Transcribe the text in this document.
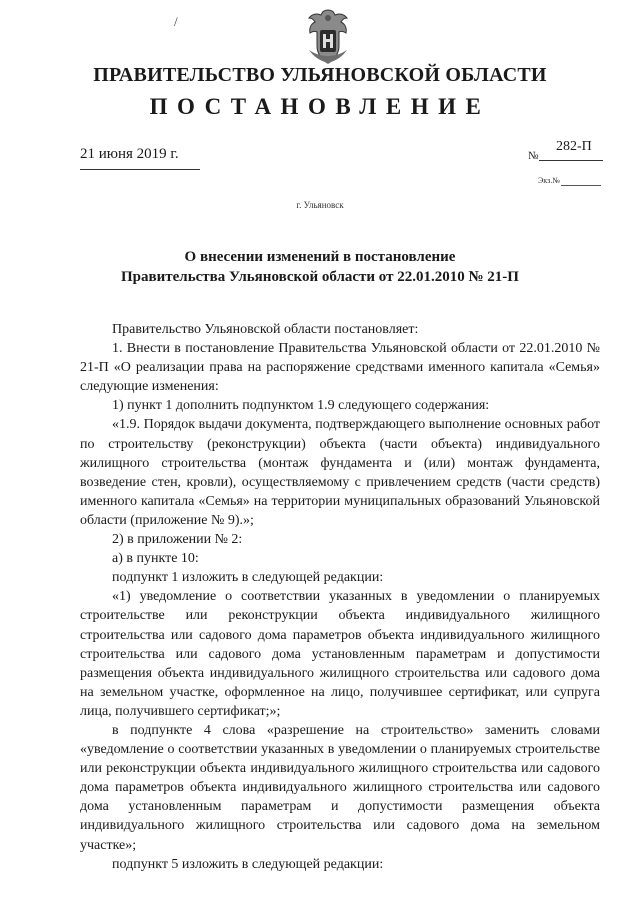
/
ПРАВИТЕЛЬСТВО УЛЬЯНОВСКОЙ ОБЛАСТИ
ПОСТАНОВЛЕНИЕ
21 июня 2019 г.	№
282-П
Экз.№
г. Ульяновск
О внесении изменений в постановление
Правительства Ульяновской области от 22.01.2010 № 21-П

Правительство Ульяновской области постановляет:

1. Внести в постановление Правительства Ульяновской области от 22.01.2010 № 21-П «О реализации права на распоряжение средствами именного капитала «Семья» следующие изменения:

1) пункт 1 дополнить подпунктом 1.9 следующего содержания:

«1.9. Порядок выдачи документа, подтверждающего выполнение основных работ по строительству (реконструкции) объекта (части объекта) индивидуального жилищного строительства (монтаж фундамента и (или) монтаж фундамента, возведение стен, кровли), осуществляемому с привлечением средств (части средств) именного капитала «Семья» на территории муниципальных образований Ульяновской области (приложение № 9).»;

2) в приложении № 2:

а) в пункте 10:

подпункт 1 изложить в следующей редакции:

«1) уведомление о соответствии указанных в уведомлении о планируемых строительстве или реконструкции объекта индивидуального жилищного строительства или садового дома параметров объекта индивидуального жилищного строительства или садового дома установленным параметрам и допустимости размещения объекта индивидуального жилищного строительства или садового дома на земельном участке, оформленное на лицо, получившее сертификат, или супруга лица, получившего сертификат;»;

в подпункте 4 слова «разрешение на строительство» заменить словами «уведомление о соответствии указанных в уведомлении о планируемых строительстве или реконструкции объекта индивидуального жилищного строительства или садового дома параметров объекта индивидуального жилищного строительства или садового дома установленным параметрам и допустимости размещения объекта индивидуального жилищного строительства или садового дома на земельном участке»;

подпункт 5 изложить в следующей редакции:
